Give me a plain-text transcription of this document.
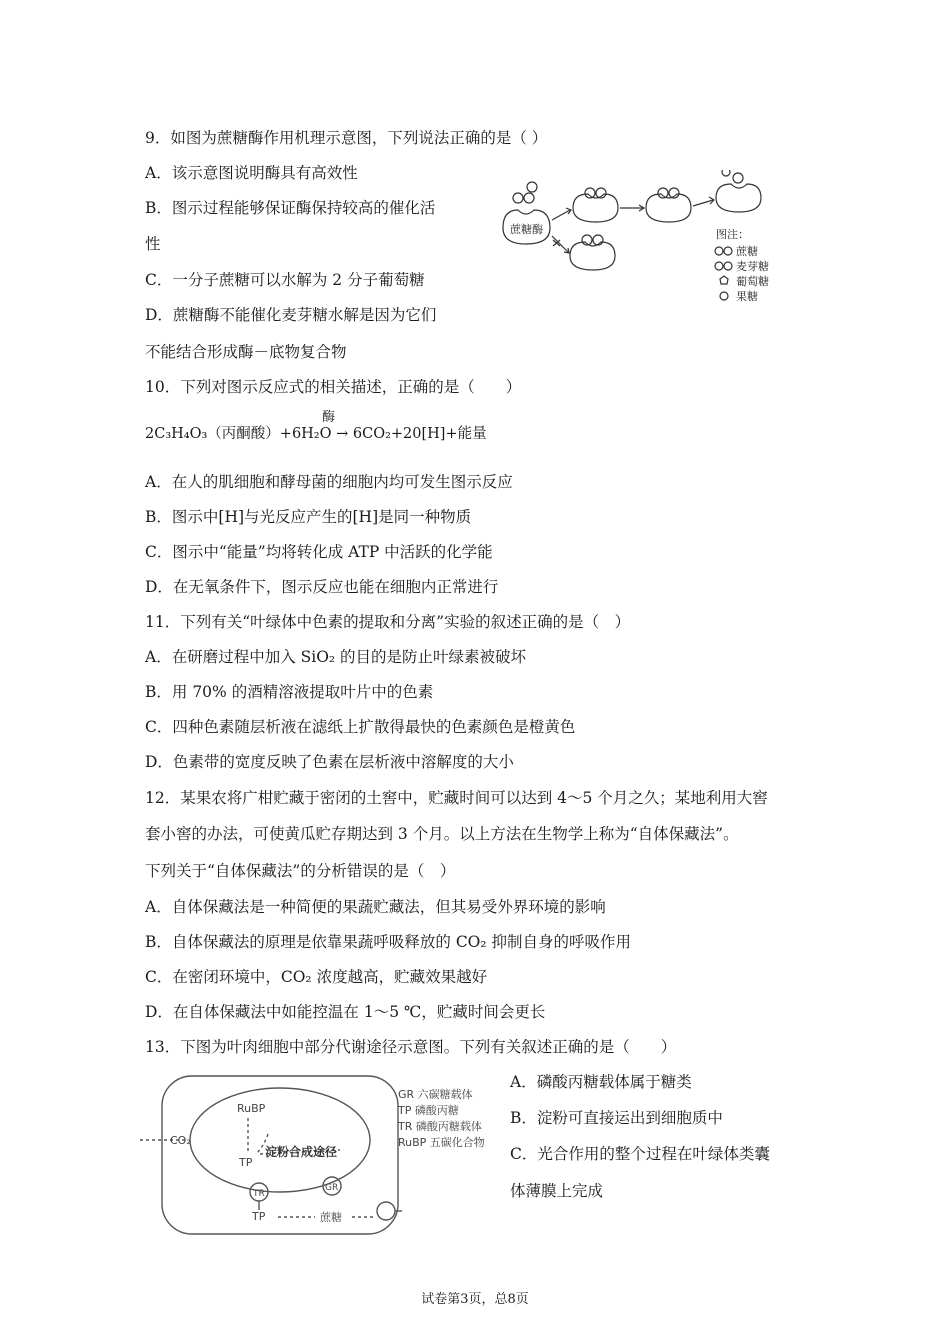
9．如图为蔗糖酶作用机理示意图，下列说法正确的是（ ）
A．该示意图说明酶具有高效性
B．图示过程能够保证酶保持较高的催化活
性
C．一分子蔗糖可以水解为 2 分子葡萄糖
D．蔗糖酶不能催化麦芽糖水解是因为它们
不能结合形成酶－底物复合物
蔗糖酶	图注：
蔗糖
麦芽糖
葡萄糖
果糖
10．下列对图示反应式的相关描述，正确的是（　　）
酶
2C₃H₄O₃（丙酮酸）+6H₂O → 6CO₂+20[H]+能量
A．在人的肌细胞和酵母菌的细胞内均可发生图示反应
B．图示中[H]与光反应产生的[H]是同一种物质
C．图示中“能量”均将转化成 ATP 中活跃的化学能
D．在无氧条件下，图示反应也能在细胞内正常进行
11．下列有关“叶绿体中色素的提取和分离”实验的叙述正确的是（　）
A．在研磨过程中加入 SiO₂ 的目的是防止叶绿素被破坏
B．用 70% 的酒精溶液提取叶片中的色素
C．四种色素随层析液在滤纸上扩散得最快的色素颜色是橙黄色
D．色素带的宽度反映了色素在层析液中溶解度的大小
12．某果农将广柑贮藏于密闭的土窖中，贮藏时间可以达到 4～5 个月之久；某地利用大窖
套小窖的办法，可使黄瓜贮存期达到 3 个月。以上方法在生物学上称为“自体保藏法”。
下列关于“自体保藏法”的分析错误的是（　）
A．自体保藏法是一种简便的果蔬贮藏法，但其易受外界环境的影响
B．自体保藏法的原理是依靠果蔬呼吸释放的 CO₂ 抑制自身的呼吸作用
C．在密闭环境中，CO₂ 浓度越高，贮藏效果越好
D．在自体保藏法中如能控温在 1～5 ℃，贮藏时间会更长
13．下图为叶肉细胞中部分代谢途径示意图。下列有关叙述正确的是（　　）
A．磷酸丙糖载体属于糖类
B．淀粉可直接运出到细胞质中
C．光合作用的整个过程在叶绿体类囊
体薄膜上完成
CO₂
RuBP
TP
淀粉合成途径
TR
GR
TP	蔗糖
GR 六碳糖载体
TP 磷酸丙糖
TR 磷酸丙糖载体
RuBP 五碳化合物
试卷第3页，总8页
